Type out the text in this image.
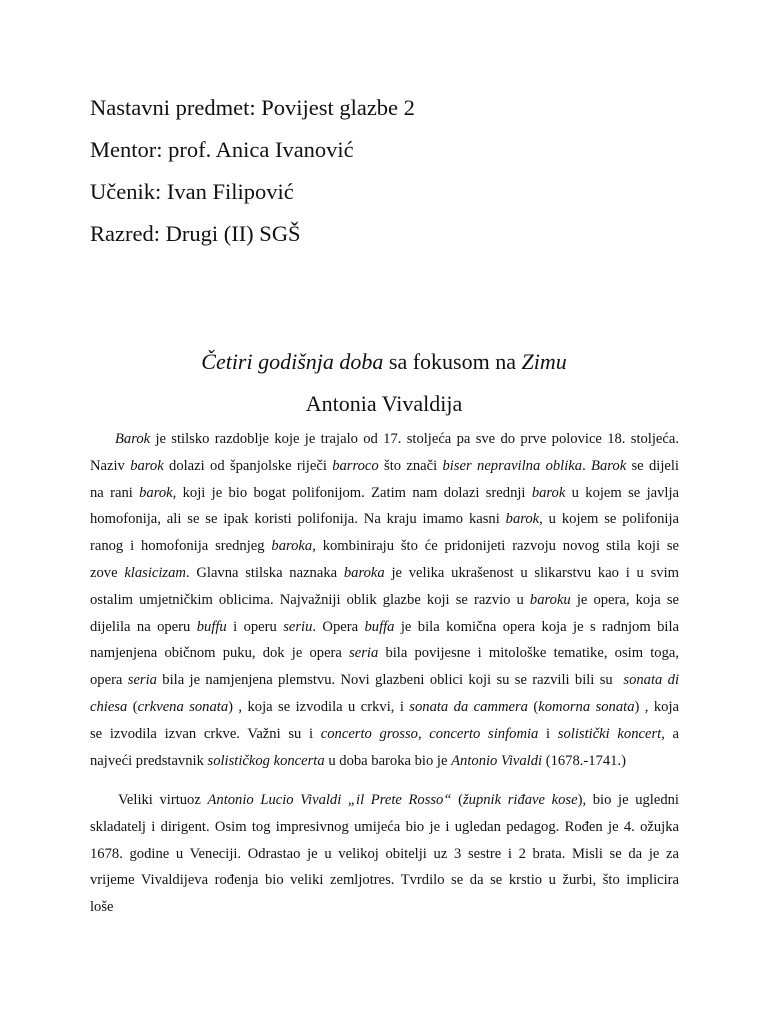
Nastavni predmet: Povijest glazbe 2
Mentor: prof. Anica Ivanović
Učenik: Ivan Filipović
Razred: Drugi (II) SGŠ
Četiri godišnja doba sa fokusom na Zimu
Antonia Vivaldija
Barok je stilsko razdoblje koje je trajalo od 17. stoljeća pa sve do prve polovice 18. stoljeća.
Naziv barok dolazi od španjolske riječi barroco što znači biser nepravilna oblika. Barok se dijeli
na rani barok, koji je bio bogat polifonijom. Zatim nam dolazi srednji barok u kojem se javlja
homofonija, ali se se ipak koristi polifonija. Na kraju imamo kasni barok, u kojem se polifonija
ranog i homofonija srednjeg baroka, kombiniraju što će pridonijeti razvoju novog stila koji se
zove klasicizam. Glavna stilska naznaka baroka je velika ukrašenost u slikarstvu kao i u svim
ostalim umjetničkim oblicima. Najvažniji oblik glazbe koji se razvio u baroku je opera, koja se
dijelila na operu buffu i operu seriu. Opera buffa je bila komična opera koja je s radnjom bila
namjenjena običnom puku, dok je opera seria bila povijesne i mitološke tematike, osim toga,
opera seria bila je namjenjena plemstvu. Novi glazbeni oblici koji su se razvili bili su  sonata di
chiesa (crkvena sonata) , koja se izvodila u crkvi, i sonata da cammera (komorna sonata) , koja
se izvodila izvan crkve. Važni su i concerto grosso, concerto sinfomia i solistički koncert, a
najveći predstavnik solističkog koncerta u doba baroka bio je Antonio Vivaldi (1678.-1741.)
Veliki virtuoz Antonio Lucio Vivaldi „il Prete Rosso“ (župnik riđave kose), bio je ugledni
skladatelj i dirigent. Osim tog impresivnog umijeća bio je i ugledan pedagog. Rođen je 4. ožujka
1678. godine u Veneciji. Odrastao je u velikoj obitelji uz 3 sestre i 2 brata. Misli se da je za
vrijeme Vivaldijeva rođenja bio veliki zemljotres. Tvrdilo se da se krstio u žurbi, što implicira
loše
